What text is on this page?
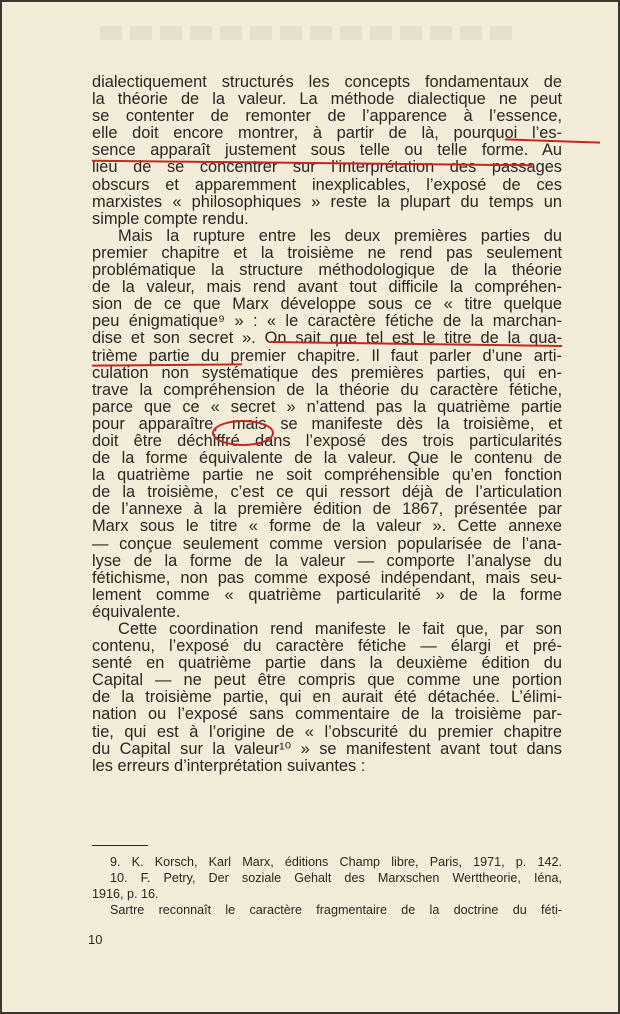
dialectiquement structurés les concepts fondamentaux de
la théorie de la valeur. La méthode dialectique ne peut
se contenter de remonter de l’apparence à l’essence,
elle doit encore montrer, à partir de là, pourquoi l’es-
sence apparaît justement sous telle ou telle forme. Au
lieu de se concentrer sur l’interprétation des passages
obscurs et apparemment inexplicables, l’exposé de ces
marxistes « philosophiques » reste la plupart du temps un
simple compte rendu.
Mais la rupture entre les deux premières parties du
premier chapitre et la troisième ne rend pas seulement
problématique la structure méthodologique de la théorie
de la valeur, mais rend avant tout difficile la compréhen-
sion de ce que Marx développe sous ce « titre quelque
peu énigmatique⁹ » : « le caractère fétiche de la marchan-
dise et son secret ». On sait que tel est le titre de la qua-
trième partie du premier chapitre. Il faut parler d’une arti-
culation non systématique des premières parties, qui en-
trave la compréhension de la théorie du caractère fétiche,
parce que ce « secret » n’attend pas la quatrième partie
pour apparaître, mais se manifeste dès la troisième, et
doit être déchiffré dans l’exposé des trois particularités
de la forme équivalente de la valeur. Que le contenu de
la quatrième partie ne soit compréhensible qu’en fonction
de la troisième, c’est ce qui ressort déjà de l’articulation
de l’annexe à la première édition de 1867, présentée par
Marx sous le titre « forme de la valeur ». Cette annexe
— conçue seulement comme version popularisée de l’ana-
lyse de la forme de la valeur — comporte l’analyse du
fétichisme, non pas comme exposé indépendant, mais seu-
lement comme « quatrième particularité » de la forme
équivalente.
Cette coordination rend manifeste le fait que, par son
contenu, l’exposé du caractère fétiche — élargi et pré-
senté en quatrième partie dans la deuxième édition du
Capital — ne peut être compris que comme une portion
de la troisième partie, qui en aurait été détachée. L’élimi-
nation ou l’exposé sans commentaire de la troisième par-
tie, qui est à l’origine de « l’obscurité du premier chapitre
du Capital sur la valeur¹⁰ » se manifestent avant tout dans
les erreurs d’interprétation suivantes :
9. K. Korsch, Karl Marx, éditions Champ libre, Paris, 1971, p. 142.
10. F. Petry, Der soziale Gehalt des Marxschen Werttheorie, Iéna,
1916, p. 16.
Sartre reconnaît le caractère fragmentaire de la doctrine du féti-
10
